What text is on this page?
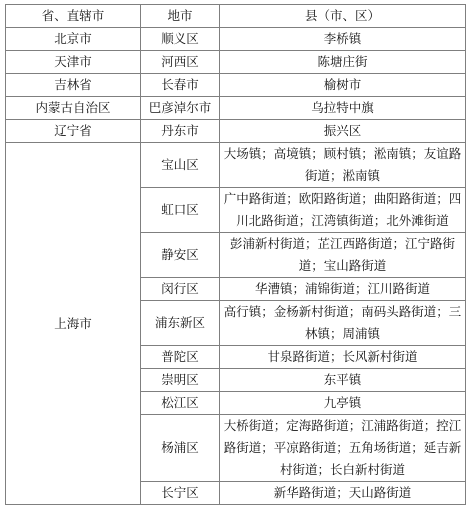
省、直辖市	地市	县（市、区）
北京市	顺义区	李桥镇
天津市	河西区	陈塘庄街
吉林省	长春市	榆树市
内蒙古自治区	巴彦淖尔市	乌拉特中旗
辽宁省	丹东市	振兴区
上海市	宝山区	大场镇；高境镇；顾村镇；淞南镇；友谊路街道；淞南镇
	虹口区	广中路街道；欧阳路街道；曲阳路街道；四川北路街道；江湾镇街道；北外滩街道
	静安区	彭浦新村街道；芷江西路街道；江宁路街道；宝山路街道
	闵行区	华漕镇；浦锦街道；江川路街道
	浦东新区	高行镇；金杨新村街道；南码头路街道；三林镇；周浦镇
	普陀区	甘泉路街道；长风新村街道
	崇明区	东平镇
	松江区	九亭镇
	杨浦区	大桥街道；定海路街道；江浦路街道；控江路街道；平凉路街道；五角场街道；延吉新村街道；长白新村街道
	长宁区	新华路街道；天山路街道
